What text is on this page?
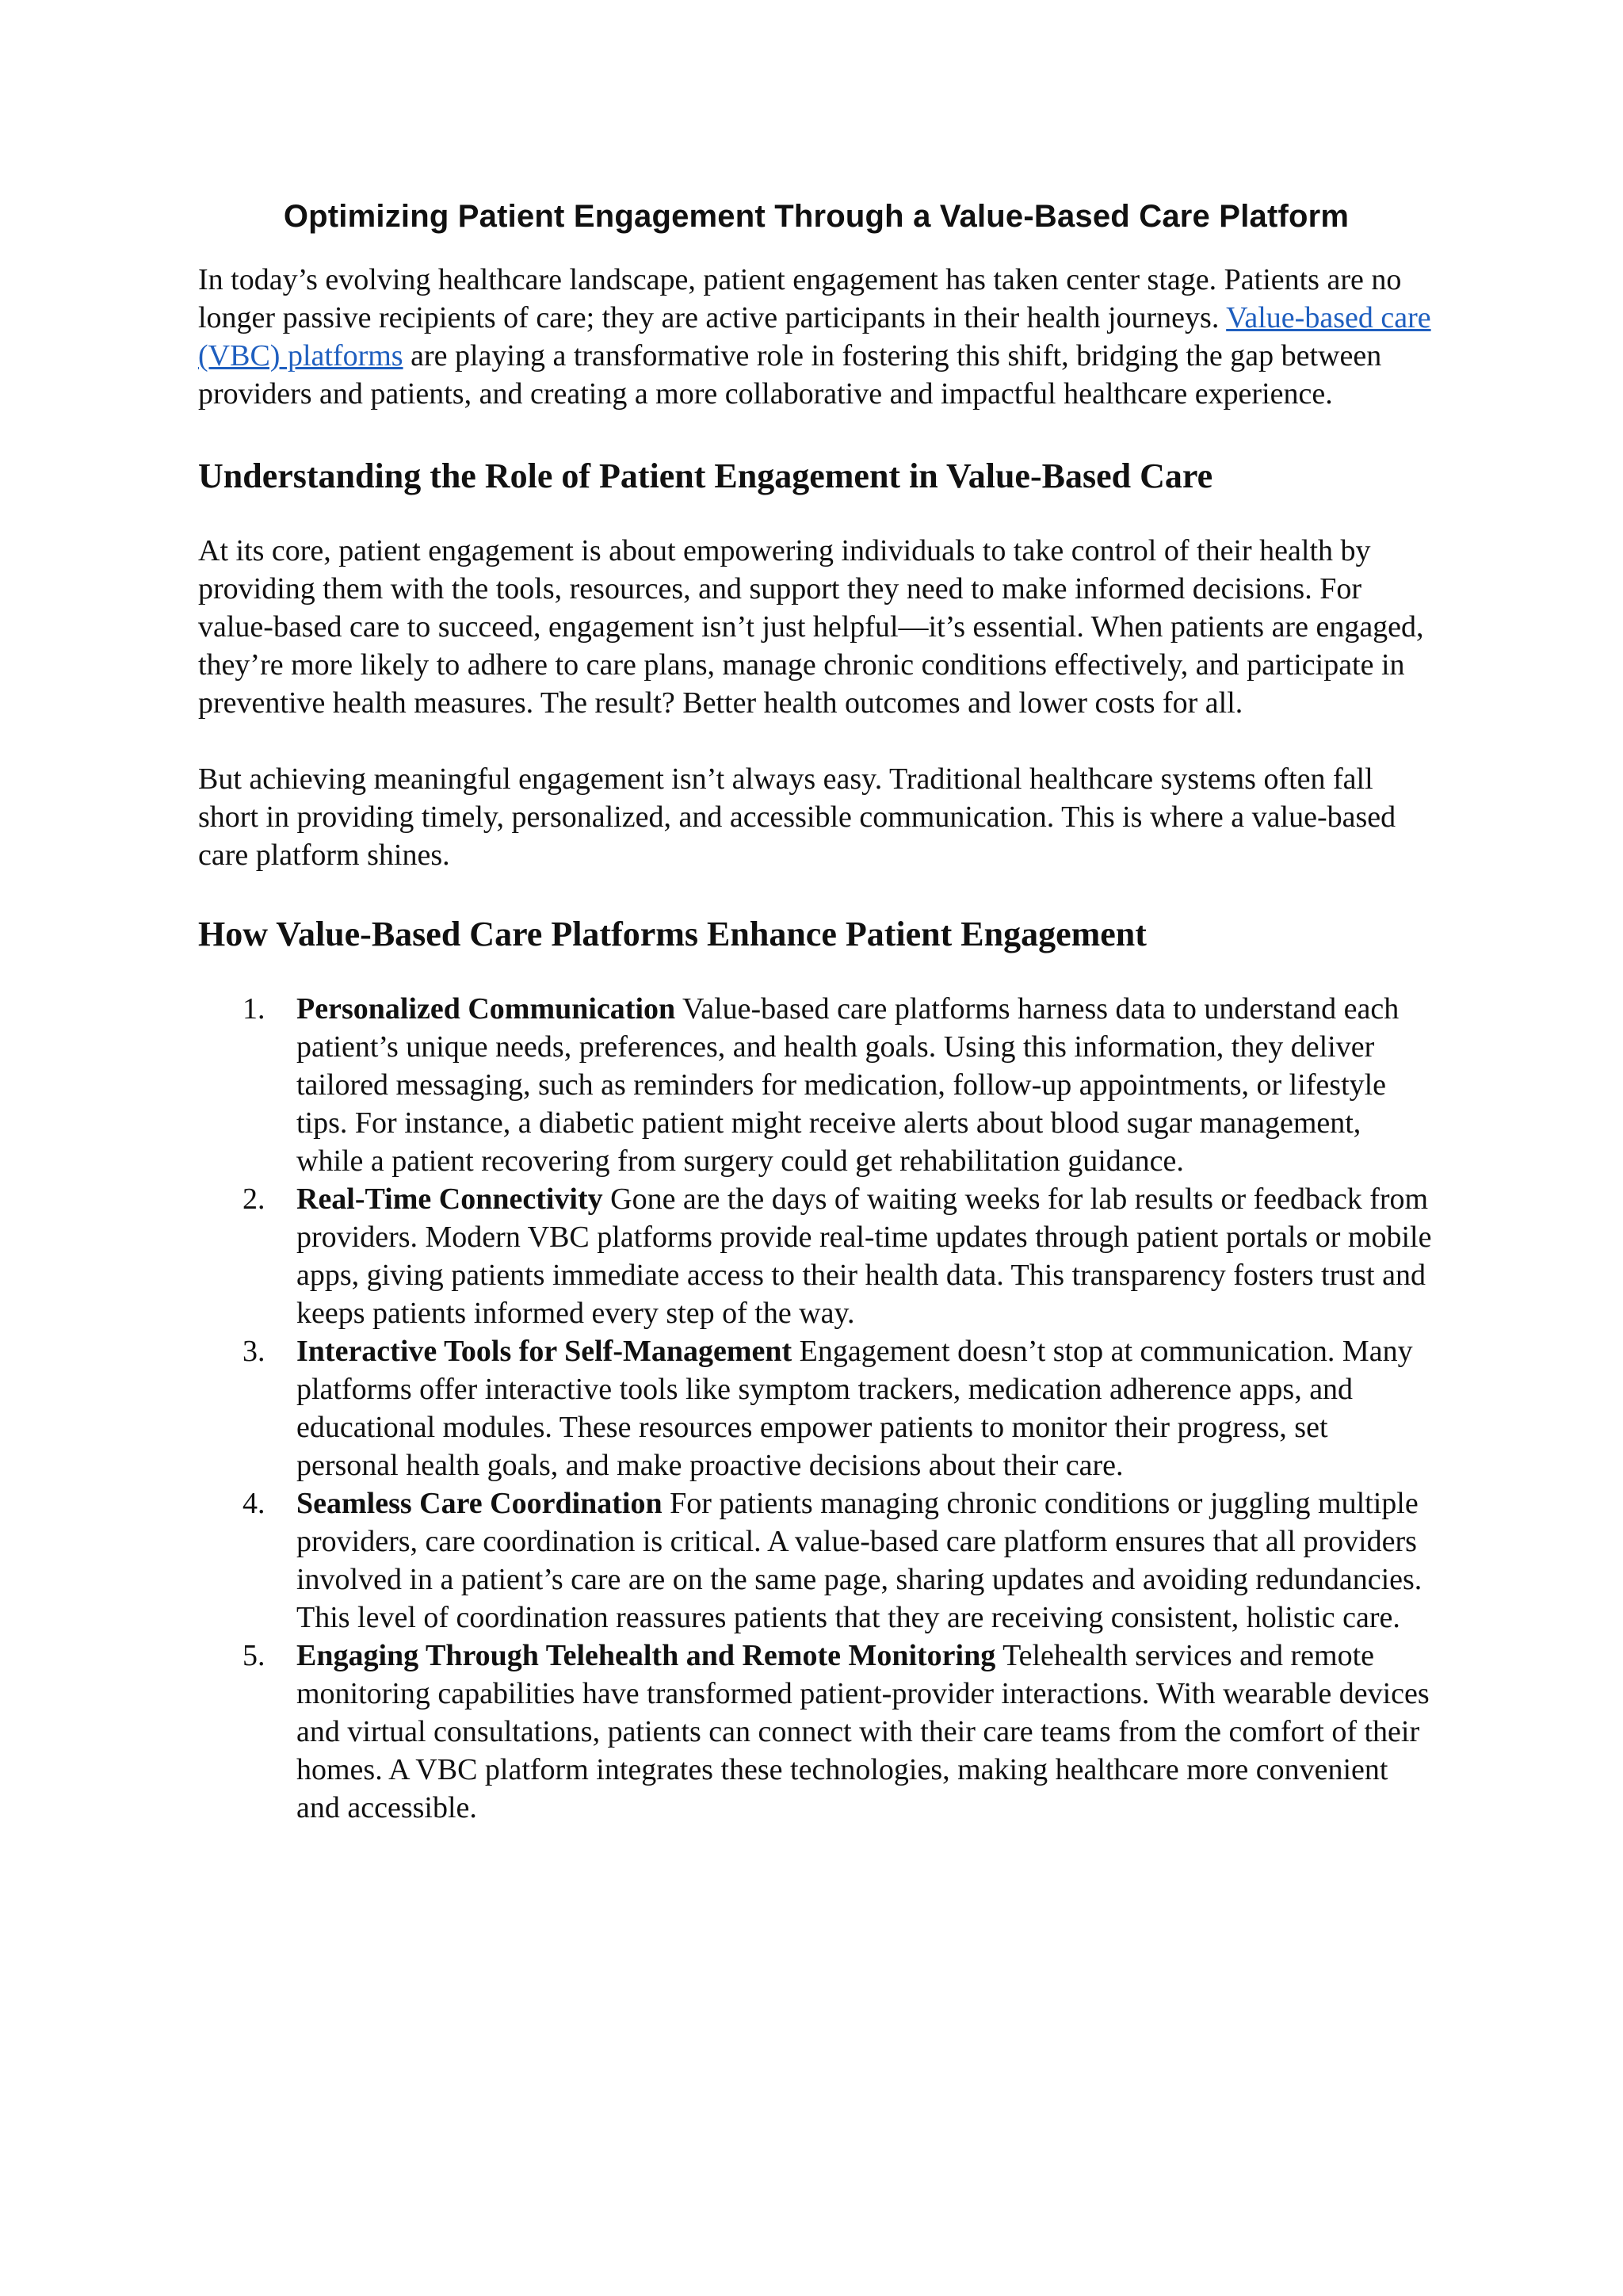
Optimizing Patient Engagement Through a Value-Based Care Platform

In today’s evolving healthcare landscape, patient engagement has taken center stage. Patients are no longer passive recipients of care; they are active participants in their health journeys. Value-based care (VBC) platforms are playing a transformative role in fostering this shift, bridging the gap between providers and patients, and creating a more collaborative and impactful healthcare experience.

Understanding the Role of Patient Engagement in Value-Based Care

At its core, patient engagement is about empowering individuals to take control of their health by providing them with the tools, resources, and support they need to make informed decisions. For value-based care to succeed, engagement isn’t just helpful—it’s essential. When patients are engaged, they’re more likely to adhere to care plans, manage chronic conditions effectively, and participate in preventive health measures. The result? Better health outcomes and lower costs for all.

But achieving meaningful engagement isn’t always easy. Traditional healthcare systems often fall short in providing timely, personalized, and accessible communication. This is where a value-based care platform shines.

How Value-Based Care Platforms Enhance Patient Engagement
1. Personalized Communication Value-based care platforms harness data to understand each patient’s unique needs, preferences, and health goals. Using this information, they deliver tailored messaging, such as reminders for medication, follow-up appointments, or lifestyle tips. For instance, a diabetic patient might receive alerts about blood sugar management, while a patient recovering from surgery could get rehabilitation guidance.
2. Real-Time Connectivity Gone are the days of waiting weeks for lab results or feedback from providers. Modern VBC platforms provide real-time updates through patient portals or mobile apps, giving patients immediate access to their health data. This transparency fosters trust and keeps patients informed every step of the way.
3. Interactive Tools for Self-Management Engagement doesn’t stop at communication. Many platforms offer interactive tools like symptom trackers, medication adherence apps, and educational modules. These resources empower patients to monitor their progress, set personal health goals, and make proactive decisions about their care.
4. Seamless Care Coordination For patients managing chronic conditions or juggling multiple providers, care coordination is critical. A value-based care platform ensures that all providers involved in a patient’s care are on the same page, sharing updates and avoiding redundancies. This level of coordination reassures patients that they are receiving consistent, holistic care.
5. Engaging Through Telehealth and Remote Monitoring Telehealth services and remote monitoring capabilities have transformed patient-provider interactions. With wearable devices and virtual consultations, patients can connect with their care teams from the comfort of their homes. A VBC platform integrates these technologies, making healthcare more convenient and accessible.
